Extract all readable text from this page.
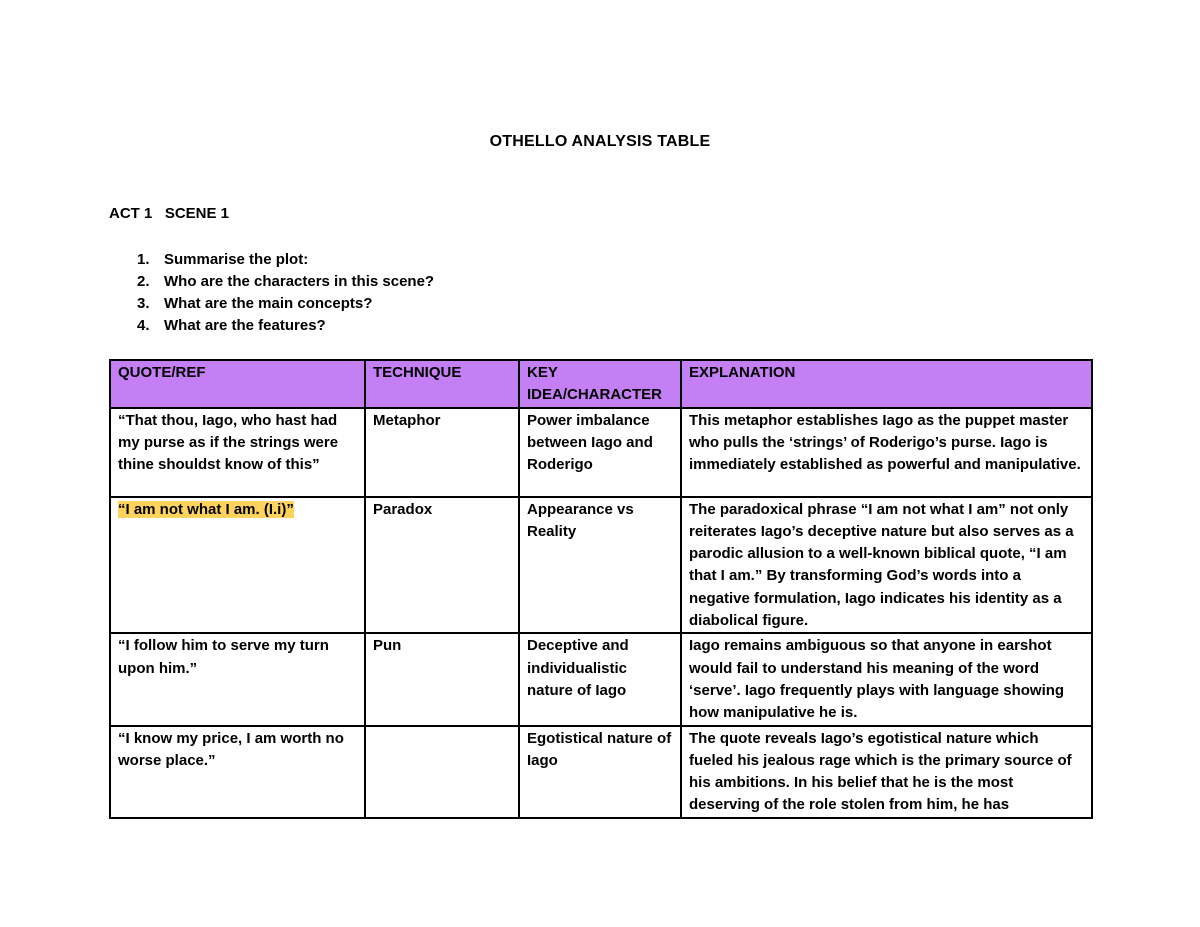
OTHELLO ANALYSIS TABLE
ACT 1   SCENE 1
1. Summarise the plot:
2. Who are the characters in this scene?
3. What are the main concepts?
4. What are the features?
QUOTE/REF	TECHNIQUE	KEY IDEA/CHARACTER	EXPLANATION
“That thou, Iago, who hast had my purse as if the strings were thine shouldst know of this”	Metaphor	Power imbalance between Iago and Roderigo	This metaphor establishes Iago as the puppet master who pulls the ‘strings’ of Roderigo’s purse. Iago is immediately established as powerful and manipulative.
“I am not what I am. (I.i)”	Paradox	Appearance vs Reality	The paradoxical phrase “I am not what I am” not only reiterates Iago’s deceptive nature but also serves as a parodic allusion to a well-known biblical quote, “I am that I am.” By transforming God’s words into a negative formulation, Iago indicates his identity as a diabolical figure.
“I follow him to serve my turn upon him.”	Pun	Deceptive and individualistic nature of Iago	Iago remains ambiguous so that anyone in earshot would fail to understand his meaning of the word ‘serve’. Iago frequently plays with language showing how manipulative he is.
“I know my price, I am worth no worse place.”		Egotistical nature of Iago	The quote reveals Iago’s egotistical nature which fueled his jealous rage which is the primary source of his ambitions. In his belief that he is the most deserving of the role stolen from him, he has
